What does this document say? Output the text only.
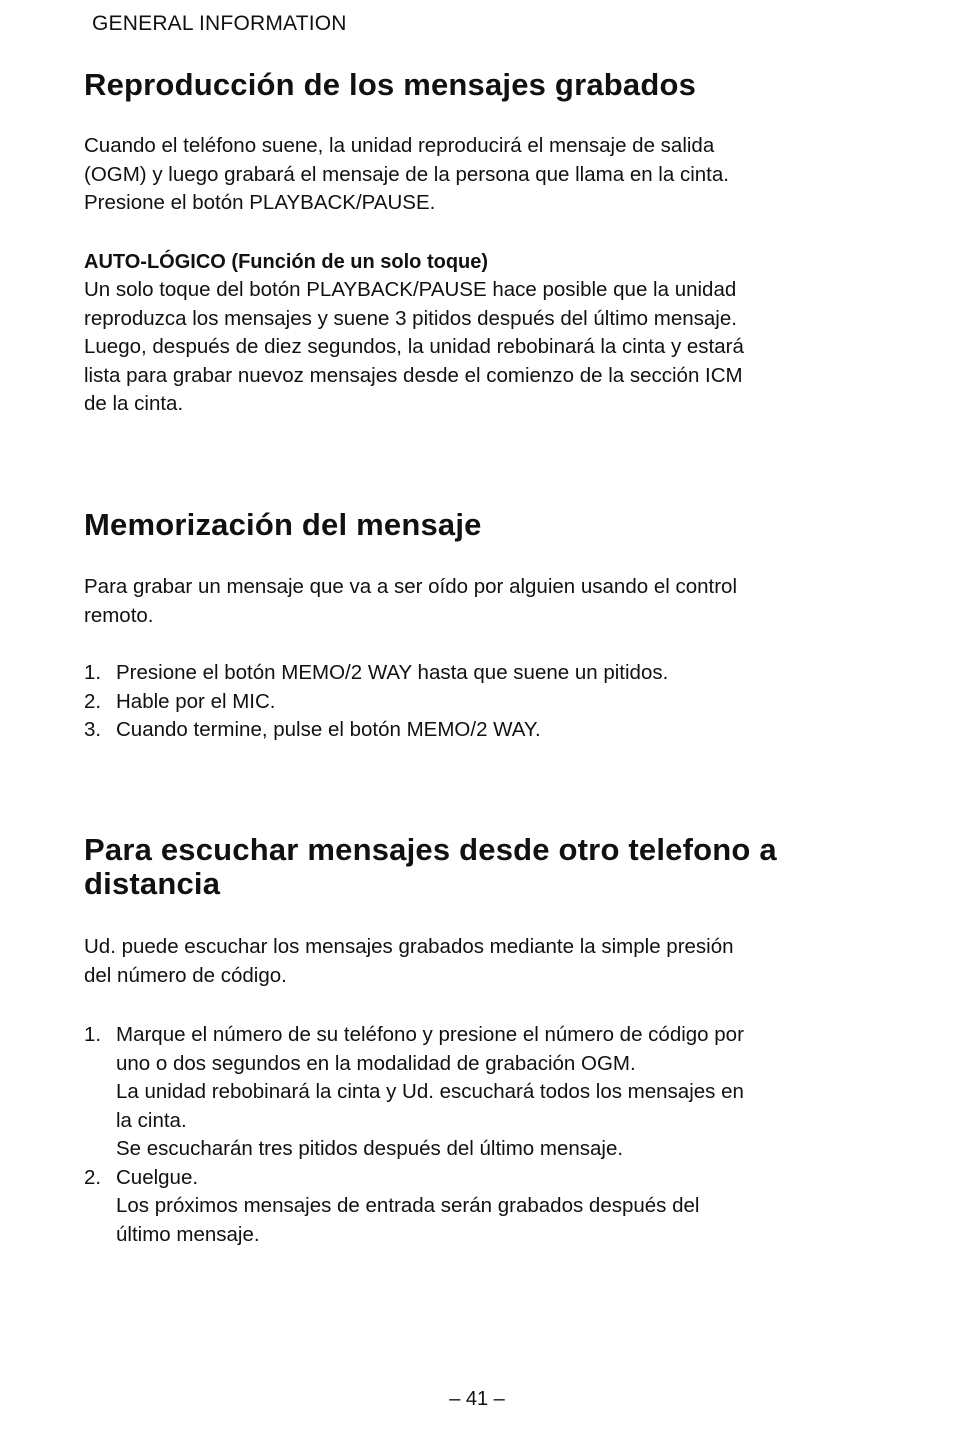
GENERAL INFORMATION
Reproducción de los mensajes grabados

Cuando el teléfono suene, la unidad reproducirá el mensaje de salida
(OGM) y luego grabará el mensaje de la persona que llama en la cinta.
Presione el botón PLAYBACK/PAUSE.

AUTO-LÓGICO (Función de un solo toque)

Un solo toque del botón PLAYBACK/PAUSE hace posible que la unidad
reproduzca los mensajes y suene 3 pitidos después del último mensaje.
Luego, después de diez segundos, la unidad rebobinará la cinta y estará
lista para grabar nuevoz mensajes desde el comienzo de la sección ICM
de la cinta.

Memorización del mensaje

Para grabar un mensaje que va a ser oído por alguien usando el control
remoto.

1. Presione el botón MEMO/2 WAY hasta que suene un pitidos.
2. Hable por el MIC.
3. Cuando termine, pulse el botón MEMO/2 WAY.
Para escuchar mensajes desde otro telefono a
distancia

Ud. puede escuchar los mensajes grabados mediante la simple presión
del número de código.

1. Marque el número de su teléfono y presione el número de código por
uno o dos segundos en la modalidad de grabación OGM.
La unidad rebobinará la cinta y Ud. escuchará todos los mensajes en
la cinta.
Se escucharán tres pitidos después del último mensaje.
2. Cuelgue.
Los próximos mensajes de entrada serán grabados después del
último mensaje.
– 41 –
